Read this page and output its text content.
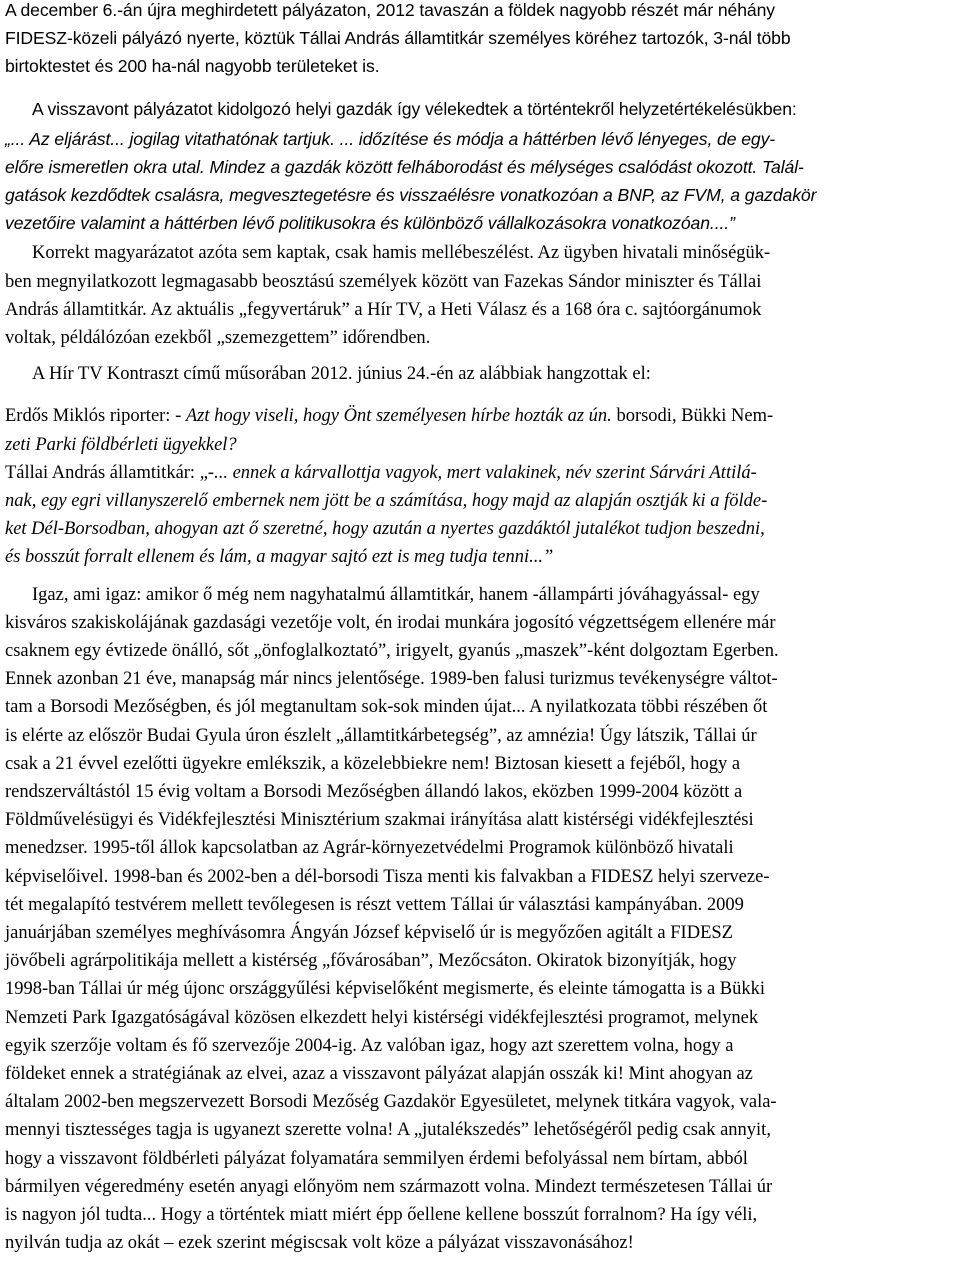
A december 6.-án újra meghirdetett pályázaton, 2012 tavaszán a földek nagyobb részét már néhány
FIDESZ-közeli pályázó nyerte, köztük Tállai András államtitkár személyes köréhez tartozók, 3-nál több
birtoktestet és 200 ha-nál nagyobb területeket is.

A visszavont pályázatot kidolgozó helyi gazdák így vélekedtek a történtekről helyzetértékelésükben:

„... Az eljárást... jogilag vitathatónak tartjuk. ... időzítése és módja a háttérben lévő lényeges, de egy-
előre ismeretlen okra utal. Mindez a gazdák között felháborodást és mélységes csalódást okozott. Talál-
gatások kezdődtek csalásra, megvesztegetésre és visszaélésre vonatkozóan a BNP, az FVM, a gazdakör
vezetőire valamint a háttérben lévő politikusokra és különböző vállalkozásokra vonatkozóan....”

Korrekt magyarázatot azóta sem kaptak, csak hamis mellébeszélést. Az ügyben hivatali minőségük-
ben megnyilatkozott legmagasabb beosztású személyek között van Fazekas Sándor miniszter és Tállai
András államtitkár. Az aktuális „fegyvertáruk” a Hír TV, a Heti Válasz és a 168 óra c. sajtóorgánumok
voltak, példálózóan ezekből „szemezgettem” időrendben.

A Hír TV Kontraszt című műsorában 2012. június 24.-én az alábbiak hangzottak el:

Erdős Miklós riporter: - Azt hogy viseli, hogy Önt személyesen hírbe hozták az ún. borsodi, Bükki Nem-
zeti Parki földbérleti ügyekkel?
Tállai András államtitkár: „-... ennek a kárvallottja vagyok, mert valakinek, név szerint Sárvári Attilá-
nak, egy egri villanyszerelő embernek nem jött be a számítása, hogy majd az alapján osztják ki a földe-
ket Dél-Borsodban, ahogyan azt ő szeretné, hogy azután a nyertes gazdáktól jutalékot tudjon beszedni,
és bosszút forralt ellenem és lám, a magyar sajtó ezt is meg tudja tenni...”

Igaz, ami igaz: amikor ő még nem nagyhatalmú államtitkár, hanem -állampárti jóváhagyással- egy
kisváros szakiskolájának gazdasági vezetője volt, én irodai munkára jogosító végzettségem ellenére már
csaknem egy évtizede önálló, sőt „önfoglalkoztató”, irigyelt, gyanús „maszek”-ként dolgoztam Egerben.
Ennek azonban 21 éve, manapság már nincs jelentősége. 1989-ben falusi turizmus tevékenységre váltot-
tam a Borsodi Mezőségben, és jól megtanultam sok-sok minden újat... A nyilatkozata többi részében őt
is elérte az először Budai Gyula úron észlelt „államtitkárbetegség”, az amnézia! Úgy látszik, Tállai úr
csak a 21 évvel ezelőtti ügyekre emlékszik, a közelebbiekre nem! Biztosan kiesett a fejéből, hogy a
rendszerváltástól 15 évig voltam a Borsodi Mezőségben állandó lakos, eközben 1999-2004 között a
Földművelésügyi és Vidékfejlesztési Minisztérium szakmai irányítása alatt kistérségi vidékfejlesztési
menedzser. 1995-től állok kapcsolatban az Agrár-környezetvédelmi Programok különböző hivatali
képviselőivel. 1998-ban és 2002-ben a dél-borsodi Tisza menti kis falvakban a FIDESZ helyi szervezе-
tét megalapító testvérem mellett tevőlegesen is részt vettem Tállai úr választási kampányában. 2009
januárjában személyes meghívásomra Ángyán József képviselő úr is megyőzően agitált a FIDESZ
jövőbeli agrárpolitikája mellett a kistérség „fővárosában”, Mezőcsáton. Okiratok bizonyítják, hogy
1998-ban Tállai úr még újonc országgyűlési képviselőként megismerte, és eleinte támogatta is a Bükki
Nemzeti Park Igazgatóságával közösen elkezdett helyi kistérségi vidékfejlesztési programot, melynek
egyik szerzője voltam és fő szervezője 2004-ig. Az valóban igaz, hogy azt szerettem volna, hogy a
földeket ennek a stratégiának az elvei, azaz a visszavont pályázat alapján osszák ki! Mint ahogyan az
általam 2002-ben megszervezett Borsodi Mezőség Gazdakör Egyesületet, melynek titkára vagyok, vala-
mennyi tisztességes tagja is ugyanezt szerette volna! A „jutalékszedés” lehetőségéről pedig csak annyit,
hogy a visszavont földbérleti pályázat folyamatára semmilyen érdemi befolyással nem bírtam, abból
bármilyen végeredmény esetén anyagi előnyöm nem származott volna. Mindezt természetesen Tállai úr
is nagyon jól tudta... Hogy a történtek miatt miért épp őellene kellene bosszút forralnom? Ha így véli,
nyilván tudja az okát – ezek szerint mégiscsak volt köze a pályázat visszavonásához!
